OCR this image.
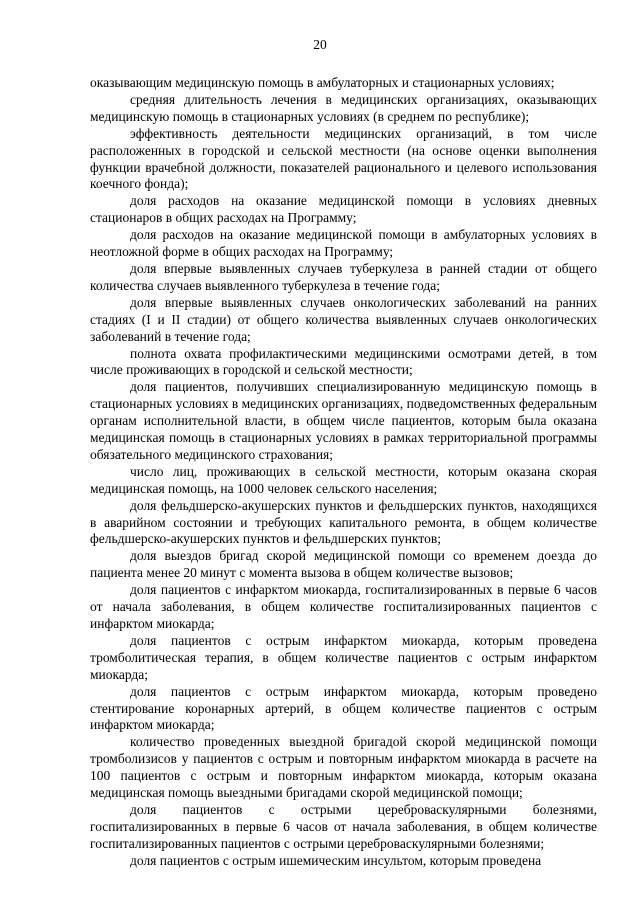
20

оказывающим медицинскую помощь в амбулаторных и стационарных условиях;

средняя длительность лечения в медицинских организациях, оказывающих медицинскую помощь в стационарных условиях (в среднем по республике);

эффективность деятельности медицинских организаций, в том числе расположенных в городской и сельской местности (на основе оценки выполнения функции врачебной должности, показателей рационального и целевого использования коечного фонда);

доля расходов на оказание медицинской помощи в условиях дневных стационаров в общих расходах на Программу;

доля расходов на оказание медицинской помощи в амбулаторных условиях в неотложной форме в общих расходах на Программу;

доля впервые выявленных случаев туберкулеза в ранней стадии от общего количества случаев выявленного туберкулеза в течение года;

доля впервые выявленных случаев онкологических заболеваний на ранних стадиях (I и II стадии) от общего количества выявленных случаев онкологических заболеваний в течение года;

полнота охвата профилактическими медицинскими осмотрами детей, в том числе проживающих в городской и сельской местности;

доля пациентов, получивших специализированную медицинскую помощь в стационарных условиях в медицинских организациях, подведомственных федеральным органам исполнительной власти, в общем числе пациентов, которым была оказана медицинская помощь в стационарных условиях в рамках территориальной программы обязательного медицинского страхования;

число лиц, проживающих в сельской местности, которым оказана скорая медицинская помощь, на 1000 человек сельского населения;

доля фельдшерско-акушерских пунктов и фельдшерских пунктов, находящихся в аварийном состоянии и требующих капитального ремонта, в общем количестве фельдшерско-акушерских пунктов и фельдшерских пунктов;

доля выездов бригад скорой медицинской помощи со временем доезда до пациента менее 20 минут с момента вызова в общем количестве вызовов;

доля пациентов с инфарктом миокарда, госпитализированных в первые 6 часов от начала заболевания, в общем количестве госпитализированных пациентов с инфарктом миокарда;

доля пациентов с острым инфарктом миокарда, которым проведена тромболитическая терапия, в общем количестве пациентов с острым инфарктом миокарда;

доля пациентов с острым инфарктом миокарда, которым проведено стентирование коронарных артерий, в общем количестве пациентов с острым инфарктом миокарда;

количество проведенных выездной бригадой скорой медицинской помощи тромболизисов у пациентов с острым и повторным инфарктом миокарда в расчете на 100 пациентов с острым и повторным инфарктом миокарда, которым оказана медицинская помощь выездными бригадами скорой медицинской помощи;

доля пациентов с острыми цереброваскулярными болезнями, госпитализированных в первые 6 часов от начала заболевания, в общем количестве госпитализированных пациентов с острыми цереброваскулярными болезнями;

доля пациентов с острым ишемическим инсультом, которым проведена
